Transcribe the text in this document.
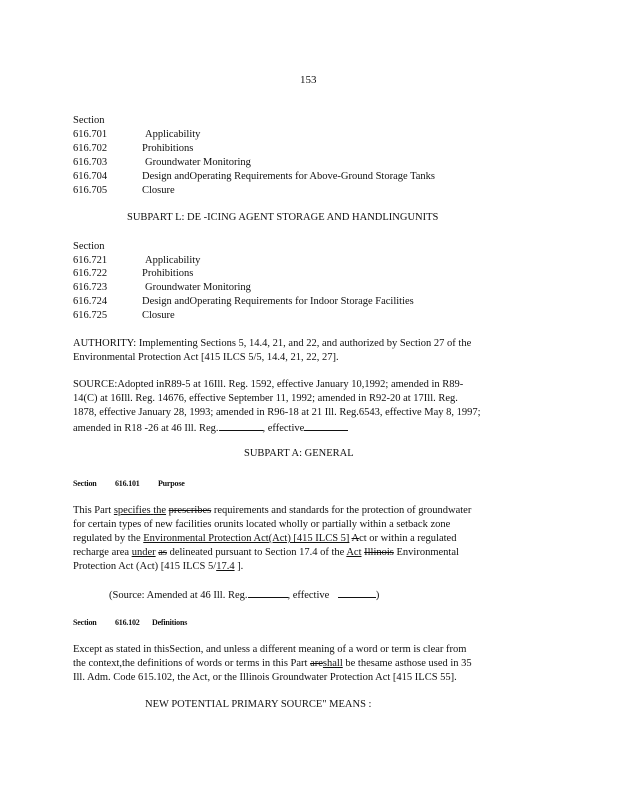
153
Section
616.701	Applicability
616.702	Prohibitions
616.703	Groundwater Monitoring
616.704	Design andOperating Requirements for Above-Ground Storage Tanks
616.705	Closure
SUBPART L: DE -ICING AGENT STORAGE AND HANDLINGUNITS
Section
616.721	Applicability
616.722	Prohibitions
616.723	Groundwater Monitoring
616.724	Design andOperating Requirements for Indoor Storage Facilities
616.725	Closure
AUTHORITY: Implementing Sections 5, 14.4, 21, and 22, and authorized by Section 27 of the
Environmental Protection Act [415 ILCS 5/5, 14.4, 21, 22, 27].
SOURCE:Adopted inR89-5 at 16Ill. Reg. 1592, effective January 10,1992; amended in R89-
14(C) at 16Ill. Reg. 14676, effective September 11, 1992; amended in R92-20 at 17Ill. Reg.
1878, effective January 28, 1993; amended in R96-18 at 21 Ill. Reg.6543, effective May 8, 1997;
amended in R18 -26 at 46 Ill. Reg.	, effective
SUBPART A: GENERAL
Section 616.101 Purpose
This Part specifies the prescribes requirements and standards for the protection of groundwater
for certain types of new facilities orunits located wholly or partially within a setback zone
regulated by the Environmental Protection Act(Act) [415 ILCS 5] Act or within a regulated
recharge area under as delineated pursuant to Section 17.4 of the Act Illinois Environmental
Protection Act (Act) [415 ILCS 5/17.4 ].
(Source: Amended at 46 Ill. Reg.	, effective	)
Section 616.102 Definitions
Except as stated in thisSection, and unless a different meaning of a word or term is clear from
the context,the definitions of words or terms in this Part areshall be thesame asthose used in 35
Ill. Adm. Code 615.102, the Act, or the Illinois Groundwater Protection Act [415 ILCS 55].
NEW POTENTIAL PRIMARY SOURCE" MEANS :
